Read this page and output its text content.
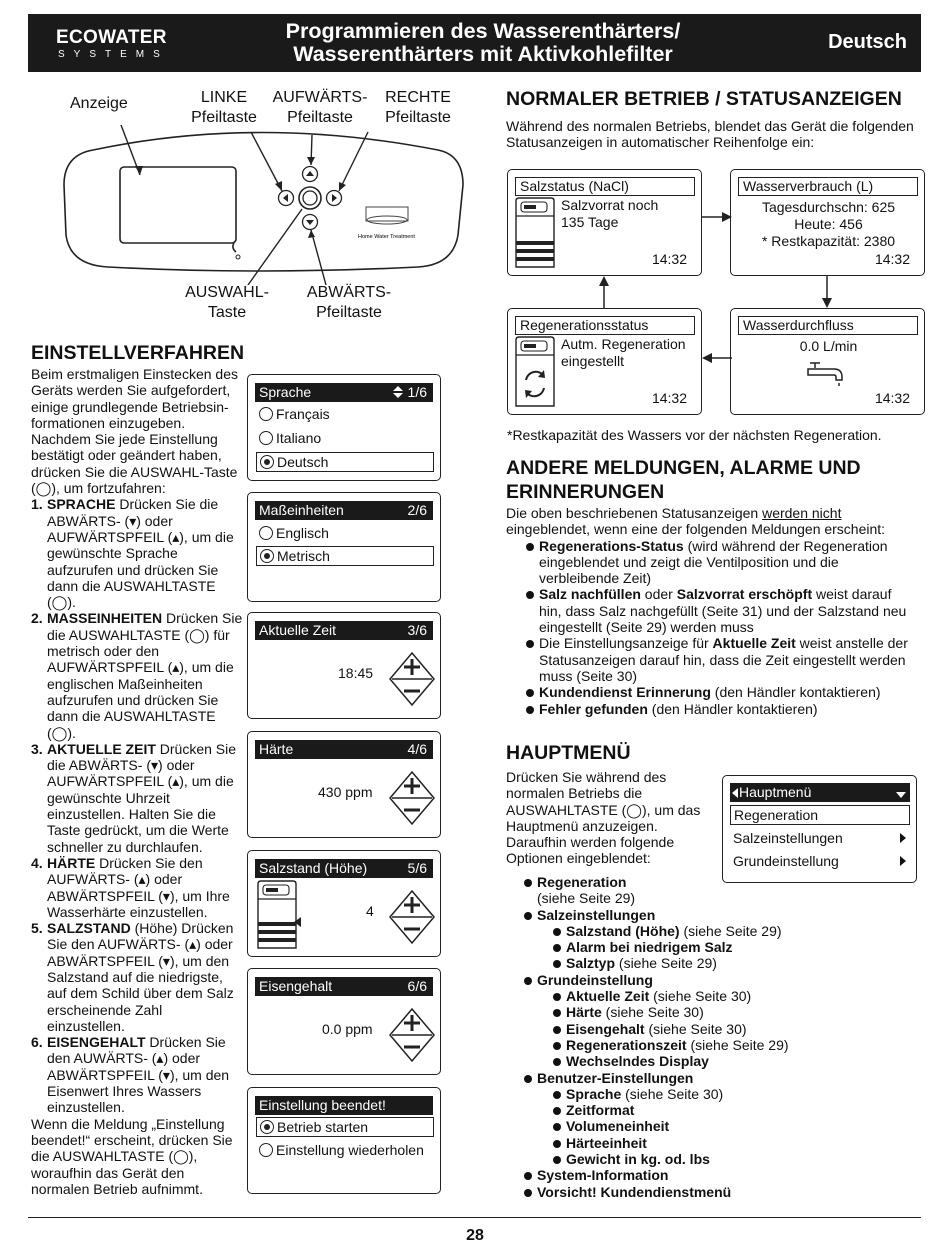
ECOWATER
SYSTEMS
Programmieren des Wasserenthärters/
Wasserenthärters mit Aktivkohlefilter	Deutsch
Anzeige	LINKE
Pfeiltaste
AUFWÄRTS-
Pfeiltaste
RECHTE
Pfeiltaste
AUSWAHL-
Taste
ABWÄRTS-
Pfeiltaste
Home Water Treatment
EINSTELLVERFAHREN

Beim erstmaligen Einstecken des Geräts werden Sie aufgefordert, einige grundlegende Betriebsinformationen einzugeben.

Nachdem Sie jede Einstellung bestätigt oder geändert haben, drücken Sie die AUSWAHL-Taste (◯), um fortzufahren:

1. SPRACHE Drücken Sie die ABWÄRTS- (▾) oder AUFWÄRTSPFEIL (▴), um die gewünschte Sprache aufzurufen und drücken Sie dann die AUSWAHLTASTE (◯).
2. MASSEINHEITEN Drücken Sie die AUSWAHLTASTE (◯) für metrisch oder den AUFWÄRTSPFEIL (▴), um die englischen Maßeinheiten aufzurufen und drücken Sie dann die AUSWAHLTASTE (◯).
3. AKTUELLE ZEIT Drücken Sie die ABWÄRTS- (▾) oder AUFWÄRTSPFEIL (▴), um die gewünschte Uhrzeit einzustellen. Halten Sie die Taste gedrückt, um die Werte schneller zu durchlaufen.
4. HÄRTE Drücken Sie den AUFWÄRTS- (▴) oder ABWÄRTSPFEIL (▾), um Ihre Wasserhärte einzustellen.
5. SALZSTAND (Höhe) Drücken Sie den AUFWÄRTS- (▴) oder ABWÄRTSPFEIL (▾), um den Salzstand auf die niedrigste, auf dem Schild über dem Salz erscheinende Zahl einzustellen.
6. EISENGEHALT Drücken Sie den AUWÄRTS- (▴) oder ABWÄRTSPFEIL (▾), um den Eisenwert Ihres Wassers einzustellen.

Wenn die Meldung „Einstellung beendet!“ erscheint, drücken Sie die AUSWAHLTASTE (◯), woraufhin das Gerät den normalen Betrieb aufnimmt.

Sprache	1/6
Français
Italiano
Deutsch
Maßeinheiten	2/6
Englisch
Metrisch
Aktuelle Zeit	3/6
18:45
Härte	4/6
430 ppm
Salzstand (Höhe)	5/6
4
Eisengehalt	6/6
0.0 ppm
Einstellung beendet!
Betrieb starten
Einstellung wiederholen
NORMALER BETRIEB / STATUSANZEIGEN

Während des normalen Betriebs, blendet das Gerät die folgenden Statusanzeigen in automatischer Reihenfolge ein:

Salzstatus (NaCl)
Salzvorrat noch
135 Tage
14:32
Wasserverbrauch (L)
Tagesdurchschn: 625
Heute: 456
* Restkapazität: 2380
14:32
Regenerationsstatus
Autm. Regeneration
eingestellt
14:32
Wasserdurchfluss
0.0 L/min
14:32

*Restkapazität des Wassers vor der nächsten Regeneration.

ANDERE MELDUNGEN, ALARME UND
ERINNERUNGEN

Die oben beschriebenen Statusanzeigen werden nicht eingeblendet, wenn eine der folgenden Meldungen erscheint:

Regenerations-Status (wird während der Regeneration eingeblendet und zeigt die Ventilposition und die verbleibende Zeit)
Salz nachfüllen oder Salzvorrat erschöpft weist darauf hin, dass Salz nachgefüllt (Seite 31) und der Salzstand neu eingestellt (Seite 29) werden muss
Die Einstellungsanzeige für Aktuelle Zeit weist anstelle der Statusanzeigen darauf hin, dass die Zeit eingestellt werden muss (Seite 30)
Kundendienst Erinnerung (den Händler kontaktieren)
Fehler gefunden (den Händler kontaktieren)
HAUPTMENÜ

Drücken Sie während des normalen Betriebs die AUSWAHLTASTE (◯), um das Hauptmenü anzuzeigen. Daraufhin werden folgende Optionen eingeblendet:

Hauptmenü
Regeneration
Salzeinstellungen
Grundeinstellung
Regeneration
(siehe Seite 29)
Salzeinstellungen
Salzstand (Höhe) (siehe Seite 29)
Alarm bei niedrigem Salz
Salztyp (siehe Seite 29)
Grundeinstellung
Aktuelle Zeit (siehe Seite 30)
Härte (siehe Seite 30)
Eisengehalt (siehe Seite 30)
Regenerationszeit (siehe Seite 29)
Wechselndes Display
Benutzer-Einstellungen
Sprache (siehe Seite 30)
Zeitformat
Volumeneinheit
Härteeinheit
Gewicht in kg. od. lbs
System-Information
Vorsicht! Kundendienstmenü
28
